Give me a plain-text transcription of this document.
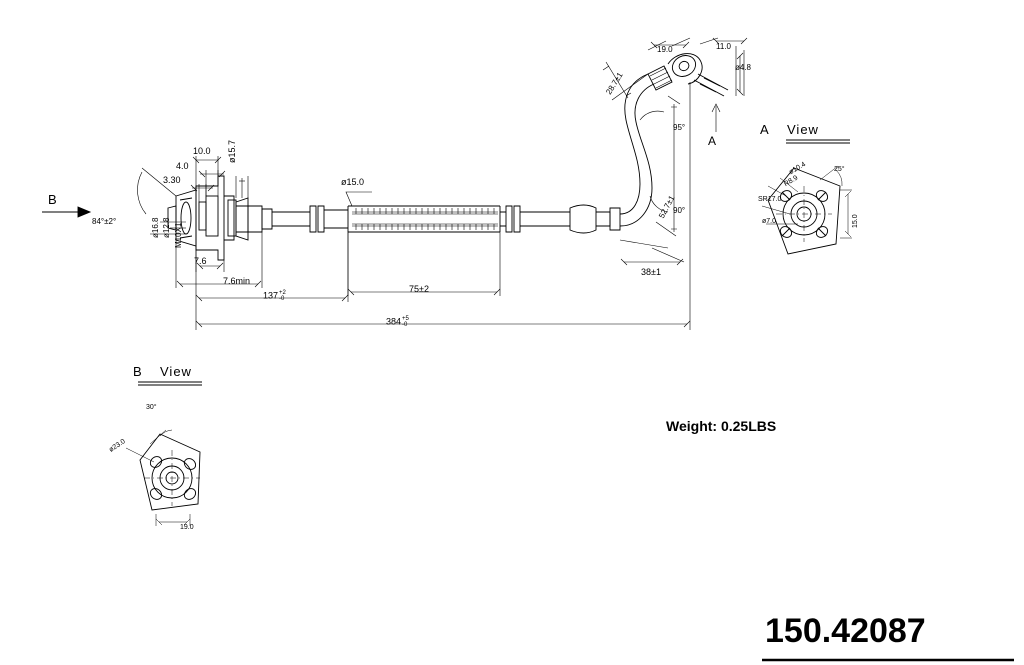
10.0
4.0
3.30
ø15.7
84°±2°	ø16.8 ø12.8 M10X1
7.6
7.6min
ø15.0
137 +2
-0
75±2
384 +5
-0
38±1
19.0	11.0
ø4.8
28.7±1
95°
52.7±1
90°
A
B
A View
25°
ø10.4
R8.9
SR17.0
ø7.0	15.0
B View
30°
ø23.0
19.0
Weight: 0.25LBS
150.42087
